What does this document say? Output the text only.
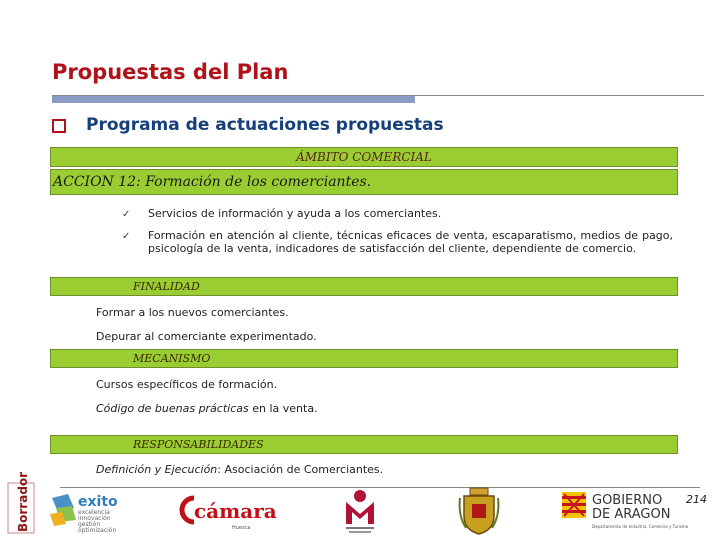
Propuestas del Plan
Programa de actuaciones propuestas
ÁMBITO COMERCIAL
ACCION 12: Formación de los comerciantes.
✓ Servicios de información y ayuda a los comerciantes.
✓ Formación en atención al cliente, técnicas eficaces de venta, escaparatismo, medios de pago, psicología de la venta, indicadores de satisfacción del cliente, dependiente de comercio.
FINALIDAD
Formar a los nuevos comerciantes.
Depurar al comerciante experimentado.
MECANISMO
Cursos específicos de formación.
Código de buenas prácticas en la venta.
RESPONSABILIDADES
Definición y Ejecución: Asociación de Comerciantes.
214
Borrador	exito
excelencia
innovación
gestión
optimización
cámara
Huesca
GOBIERNO
DE ARAGON
Departamento de Industria, Comercio y Turismo
